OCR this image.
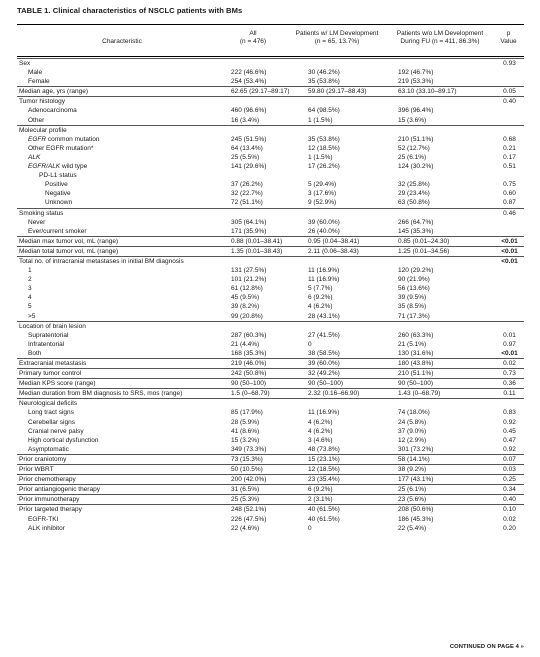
TABLE 1. Clinical characteristics of NSCLC patients with BMs
Characteristic
All
(n = 476)
Patients w/ LM Development
(n = 65, 13.7%)
Patients w/o LM Development
During FU (n = 411, 86.3%)
p
Value
Sex	0.93
Male	222 (46.6%)	30 (46.2%)	192 (46.7%)
Female	254 (53.4%)	35 (53.8%)	219 (53.3%)
Median age, yrs (range)	62.65 (29.17–89.17)	59.80 (29.17–88.43)	63.10 (33.10–89.17)	0.05
Tumor histology	0.40
Adenocarcinoma	460 (96.6%)	64 (98.5%)	396 (96.4%)
Other	16 (3.4%)	1 (1.5%)	15 (3.6%)
Molecular profile
EGFR common mutation	245 (51.5%)	35 (53.8%)	210 (51.1%)	0.68
Other EGFR mutation*	64 (13.4%)	12 (18.5%)	52 (12.7%)	0.21
ALK	25 (5.5%)	1 (1.5%)	25 (6.1%)	0.17
EGFR/ALK wild type	141 (29.6%)	17 (26.2%)	124 (30.2%)	0.51
PD-L1 status
Positive	37 (26.2%)	5 (29.4%)	32 (25.8%)	0.75
Negative	32 (22.7%)	3 (17.6%)	29 (23.4%)	0.60
Unknown	72 (51.1%)	9 (52.9%)	63 (50.8%)	0.87
Smoking status	0.46
Never	305 (64.1%)	39 (60.0%)	266 (64.7%)
Ever/current smoker	171 (35.9%)	26 (40.0%)	145 (35.3%)
Median max tumor vol, mL (range)	0.88 (0.01–38.41)	0.95 (0.04–38.41)	0.85 (0.01–24.30)	<0.01
Median total tumor vol, mL (range)	1.35 (0.01–38.43)	2.11 (0.06–38.43)	1.25 (0.01–34.56)	<0.01
Total no. of intracranial metastases in initial BM diagnosis	<0.01
1	131 (27.5%)	11 (16.9%)	120 (29.2%)
2	101 (21.2%)	11 (16.9%)	90 (21.9%)
3	61 (12.8%)	5 (7.7%)	56 (13.6%)
4	45 (9.5%)	6 (9.2%)	39 (9.5%)
5	39 (8.2%)	4 (6.2%)	35 (8.5%)
>5	99 (20.8%)	28 (43.1%)	71 (17.3%)
Location of brain lesion
Supratentorial	287 (60.3%)	27 (41.5%)	260 (63.3%)	0.01
Infratentorial	21 (4.4%)	0	21 (5.1%)	0.97
Both	168 (35.3%)	38 (58.5%)	130 (31.6%)	<0.01
Extracranial metastasis	219 (46.0%)	39 (60.0%)	180 (43.8%)	0.02
Primary tumor control	242 (50.8%)	32 (49.2%)	210 (51.1%)	0.73
Median KPS score (range)	90 (50–100)	90 (50–100)	90 (50–100)	0.36
Median duration from BM diagnosis to SRS, mos (range)	1.5 (0–68.79)	2.32 (0.16–66.90)	1.43 (0–68.79)	0.11
Neurological deficits
Long tract signs	85 (17.9%)	11 (16.9%)	74 (18.0%)	0.83
Cerebellar signs	28 (5.9%)	4 (6.2%)	24 (5.8%)	0.92
Cranial nerve palsy	41 (8.6%)	4 (6.2%)	37 (9.0%)	0.45
High cortical dysfunction	15 (3.2%)	3 (4.6%)	12 (2.9%)	0.47
Asymptomatic	349 (73.3%)	48 (73.8%)	301 (73.2%)	0.92
Prior craniotomy	73 (15.3%)	15 (23.1%)	58 (14.1%)	0.07
Prior WBRT	50 (10.5%)	12 (18.5%)	38 (9.2%)	0.03
Prior chemotherapy	200 (42.0%)	23 (35.4%)	177 (43.1%)	0.25
Prior antiangiogenic therapy	31 (6.5%)	6 (9.2%)	25 (6.1%)	0.34
Prior immunotherapy	25 (5.3%)	2 (3.1%)	23 (5.6%)	0.40
Prior targeted therapy	248 (52.1%)	40 (61.5%)	208 (50.6%)	0.10
EGFR-TKI	226 (47.5%)	40 (61.5%)	186 (45.3%)	0.02
ALK inhibitor	22 (4.6%)	0	22 (5.4%)	0.20
CONTINUED ON PAGE 4 »
